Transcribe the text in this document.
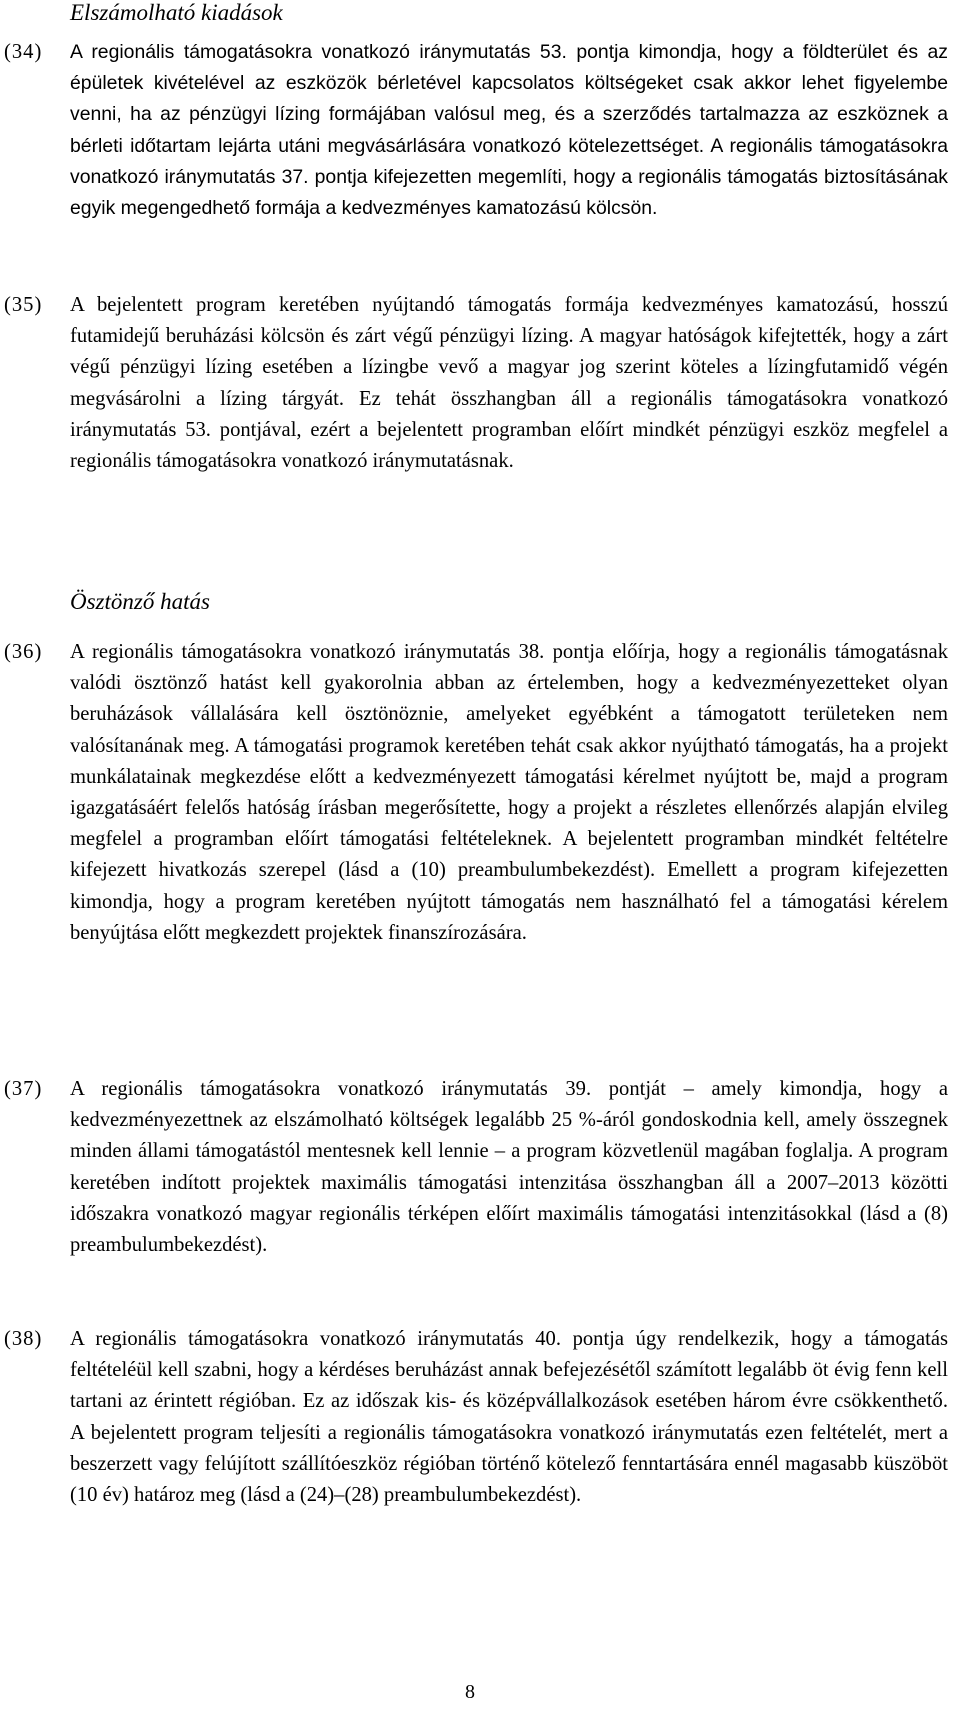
Elszámolható kiadások
(34)	A regionális támogatásokra vonatkozó iránymutatás 53. pontja kimondja, hogy a földterület és az épületek kivételével az eszközök bérletével kapcsolatos költségeket csak akkor lehet figyelembe venni, ha az pénzügyi lízing formájában valósul meg, és a szerződés tartalmazza az eszköznek a bérleti időtartam lejárta utáni megvásárlására vonatkozó kötelezettséget. A regionális támogatásokra vonatkozó iránymutatás 37. pontja kifejezetten megemlíti, hogy a regionális támogatás biztosításának egyik megengedhető formája a kedvezményes kamatozású kölcsön.

(35)	A bejelentett program keretében nyújtandó támogatás formája kedvezményes kamatozású, hosszú futamidejű beruházási kölcsön és zárt végű pénzügyi lízing. A magyar hatóságok kifejtették, hogy a zárt végű pénzügyi lízing esetében a lízingbe vevő a magyar jog szerint köteles a lízingfutamidő végén megvásárolni a lízing tárgyát. Ez tehát összhangban áll a regionális támogatásokra vonatkozó iránymutatás 53. pontjával, ezért a bejelentett programban előírt mindkét pénzügyi eszköz megfelel a regionális támogatásokra vonatkozó iránymutatásnak.

Ösztönző hatás
(36)	A regionális támogatásokra vonatkozó iránymutatás 38. pontja előírja, hogy a regionális támogatásnak valódi ösztönző hatást kell gyakorolnia abban az értelemben, hogy a kedvezményezetteket olyan beruházások vállalására kell ösztönöznie, amelyeket egyébként a támogatott területeken nem valósítanának meg. A támogatási programok keretében tehát csak akkor nyújtható támogatás, ha a projekt munkálatainak megkezdése előtt a kedvezményezett támogatási kérelmet nyújtott be, majd a program igazgatásáért felelős hatóság írásban megerősítette, hogy a projekt a részletes ellenőrzés alapján elvileg megfelel a programban előírt támogatási feltételeknek. A bejelentett programban mindkét feltételre kifejezett hivatkozás szerepel (lásd a (10) preambulumbekezdést). Emellett a program kifejezetten kimondja, hogy a program keretében nyújtott támogatás nem használható fel a támogatási kérelem benyújtása előtt megkezdett projektek finanszírozására.

(37)	A regionális támogatásokra vonatkozó iránymutatás 39. pontját – amely kimondja, hogy a kedvezményezettnek az elszámolható költségek legalább 25 %-áról gondoskodnia kell, amely összegnek minden állami támogatástól mentesnek kell lennie – a program közvetlenül magában foglalja. A program keretében indított projektek maximális támogatási intenzitása összhangban áll a 2007–2013 közötti időszakra vonatkozó magyar regionális térképen előírt maximális támogatási intenzitásokkal (lásd a (8) preambulumbekezdést).

(38)	A regionális támogatásokra vonatkozó iránymutatás 40. pontja úgy rendelkezik, hogy a támogatás feltételéül kell szabni, hogy a kérdéses beruházást annak befejezésétől számított legalább öt évig fenn kell tartani az érintett régióban. Ez az időszak kis- és középvállalkozások esetében három évre csökkenthető. A bejelentett program teljesíti a regionális támogatásokra vonatkozó iránymutatás ezen feltételét, mert a beszerzett vagy felújított szállítóeszköz régióban történő kötelező fenntartására ennél magasabb küszöböt (10 év) határoz meg (lásd a (24)–(28) preambulumbekezdést).

8
